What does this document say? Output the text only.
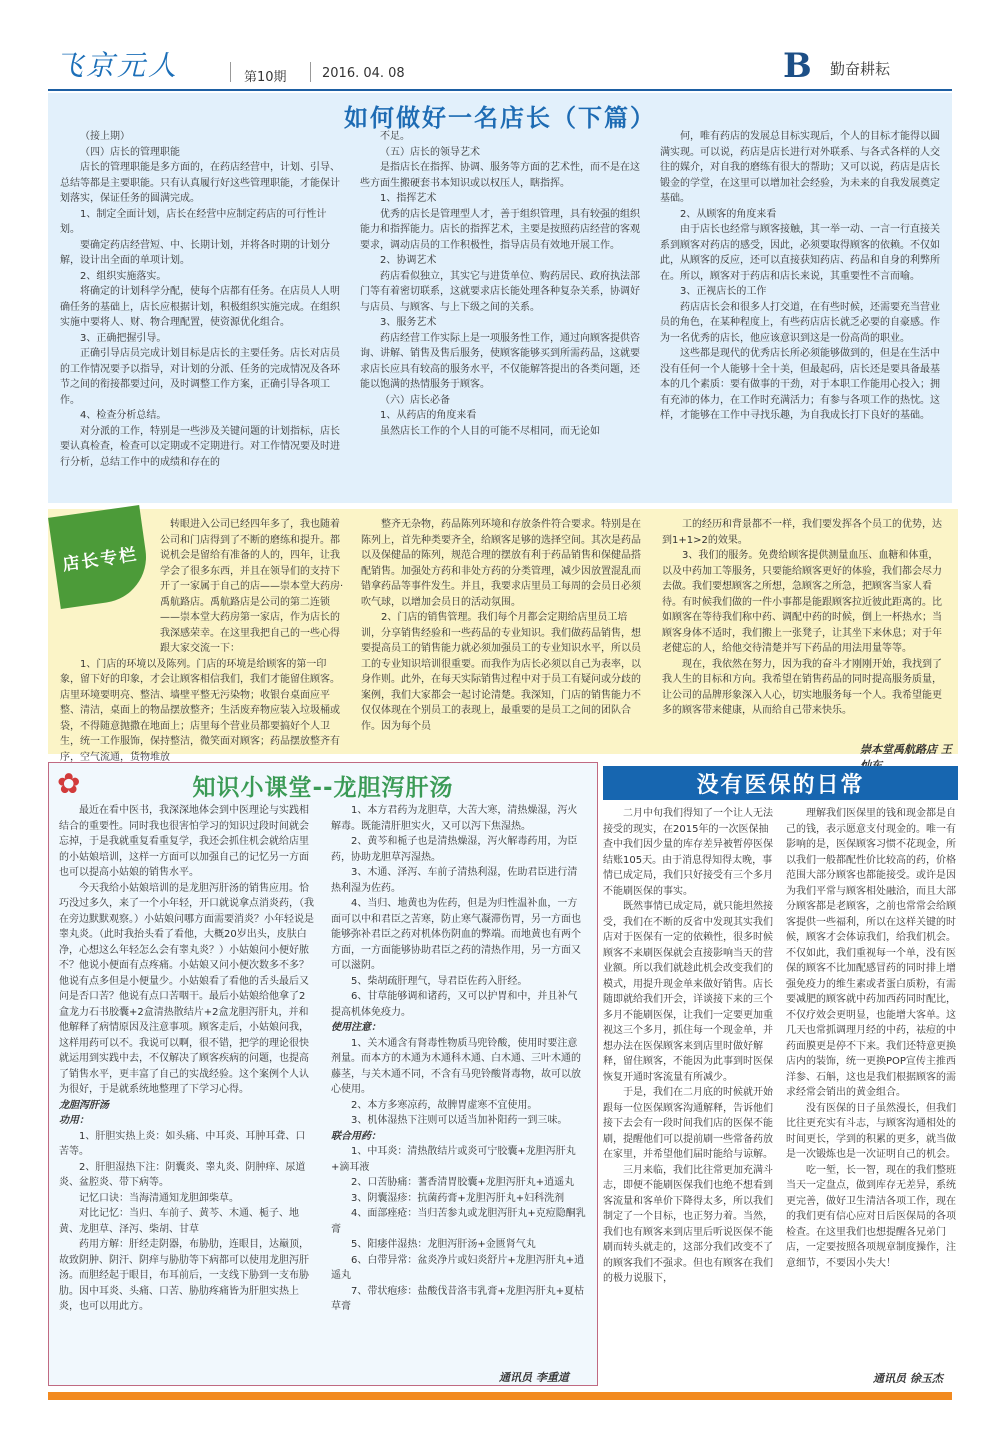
飞京元人	第10期	2016. 04. 08	B 勤奋耕耘
如何做好一名店长（下篇）

（接上期）

（四）店长的管理职能

店长的管理职能是多方面的，在药店经营中，计划、引导、总结等都是主要职能。只有认真履行好这些管理职能，才能保计划落实，保证任务的圆满完成。

1、制定全面计划，店长在经营中应制定药店的可行性计划。

要确定药店经营短、中、长期计划，并将各时期的计划分解，设计出全面的单项计划。

2、组织实施落实。

将确定的计划科学分配，使每个店都有任务。在店员人人明确任务的基础上，店长应根据计划，积极组织实施完成。在组织实施中要将人、财、物合理配置，使资源优化组合。

3、正确把握引导。

正确引导店员完成计划目标是店长的主要任务。店长对店员的工作情况要予以指导，对计划的分派、任务的完成情况及各环节之间的衔接都要过问，及时调整工作方案，正确引导各项工作。

4、检查分析总结。

对分派的工作，特别是一些涉及关键问题的计划指标，店长要认真检查，检查可以定期或不定期进行。对工作情况要及时进行分析，总结工作中的成绩和存在的

不足。

（五）店长的领导艺术

是指店长在指挥、协调、服务等方面的艺术性，而不是在这些方面生搬硬套书本知识或以权压人，瞎指挥。

1、指挥艺术

优秀的店长是管理型人才，善于组织管理，具有较强的组织能力和指挥能力。店长的指挥艺术，主要是按照药店经营的客观要求，调动店员的工作积极性，指导店员有效地开展工作。

2、协调艺术

药店看似独立，其实它与进货单位、购药居民、政府执法部门等有着密切联系，这就要求店长能处理各种复杂关系，协调好与店员、与顾客、与上下级之间的关系。

3、服务艺术

药店经营工作实际上是一项服务性工作，通过向顾客提供咨询、讲解、销售及售后服务，使顾客能够买到所需药品，这就要求店长应具有较高的服务水平，不仅能解答提出的各类问题，还能以饱满的热情服务于顾客。

（六）店长必备

1、从药店的角度来看

虽然店长工作的个人目的可能不尽相同，而无论如

何，唯有药店的发展总目标实现后，个人的目标才能得以圆满实现。可以说，药店是店长进行对外联系、与各式各样的人交往的媒介，对自我的磨练有很大的帮助；又可以说，药店是店长锻金的学堂，在这里可以增加社会经验，为未来的自我发展奠定基础。

2、从顾客的角度来看

由于店长也经常与顾客接触，其一举一动、一言一行直接关系到顾客对药店的感受，因此，必须要取得顾客的依赖。不仅如此，从顾客的反应，还可以直接获知药店、药品和自身的利弊所在。所以，顾客对于药店和店长来说，其重要性不言而喻。

3、正视店长的工作

药店店长会和很多人打交道，在有些时候，还需要充当营业员的角色，在某种程度上，有些药店店长就乏必要的自豪感。作为一名优秀的店长，他应该意识到这是一份高尚的职业。

这些都是现代的优秀店长所必须能够做到的，但是在生活中没有任何一个人能够十全十美，但最起码，店长还是要具备最基本的几个素质：要有做事的干劲，对于本职工作能用心投入；拥有充沛的体力，在工作时充满活力；有参与各项工作的热忱。这样，才能够在工作中寻找乐趣，为自我成长打下良好的基础。

店长专栏

转眼进入公司已经四年多了，我也随着公司和门店得到了不断的磨练和提升。都说机会是留给有准备的人的，四年，让我学会了很多东西，并且在领导们的支持下开了一家属于自己的店——崇本堂大药房·禹航路店。禹航路店是公司的第二连锁——崇本堂大药房第一家店，作为店长的我深感荣幸。在这里我把自己的一些心得跟大家交流一下：

1、门店的环境以及陈列。门店的环境是给顾客的第一印象，留下好的印象，才会让顾客相信我们，我们才能留住顾客。店里环境要明亮、整洁、墙壁平整无污染物；收银台桌面应平整、清洁，桌面上的物品摆放整齐；生活废弃物应装入垃圾桶或袋，不得随意抛撒在地面上；店里每个营业员都要搞好个人卫生，统一工作服饰，保持整洁，微笑面对顾客；药品摆放整齐有序，空气流通，货物堆放

整齐无杂物，药品陈列环境和存放条件符合要求。特别是在陈列上，首先种类要齐全，给顾客足够的选择空间。其次是药品以及保健品的陈列，规范合理的摆放有利于药品销售和保健品搭配销售。加强处方药和非处方药的分类管理，减少因放置混乱而错拿药品等事件发生。并且，我要求店里员工每周的会员日必须吹气球，以增加会员日的活动氛围。

2、门店的销售管理。我们每个月都会定期给店里员工培训，分享销售经验和一些药品的专业知识。我们做药品销售，想要提高员工的销售能力就必须加强员工的专业知识水平，所以员工的专业知识培训很重要。而我作为店长必须以自己为表率，以身作则。此外，在每天实际销售过程中对于员工有疑问或分歧的案例，我们大家都会一起讨论清楚。我深知，门店的销售能力不仅仅体现在个别员工的表现上，最重要的是员工之间的团队合作。因为每个员

工的经历和背景都不一样，我们要发挥各个员工的优势，达到1+1>2的效果。

3、我们的服务。免费给顾客提供测量血压、血糖和体重，以及中药加工等服务，只要能给顾客更好的体验，我们都会尽力去做。我们要想顾客之所想，急顾客之所急，把顾客当家人看待。有时候我们做的一件小事都是能跟顾客拉近彼此距离的。比如顾客在等待我们称中药、调配中药的时候，倒上一杯热水；当顾客身体不适时，我们搬上一张凳子，让其坐下来休息；对于年老健忘的人，给他交待清楚并写下药品的用法用量等等。

现在，我依然在努力，因为我的奋斗才刚刚开始，我找到了我人生的目标和方向。我希望在销售药品的同时提高服务质量，让公司的品牌形象深入人心，切实地服务每一个人。我希望能更多的顾客带来健康，从而给自己带来快乐。

崇本堂禹航路店 王
✿	知识小课堂--龙胆泻肝汤

最近在看中医书，我深深地体会到中医理论与实践相结合的重要性。同时我也很害怕学习的知识过段时间就会忘掉，于是我就重复看重复学，我还会抓住机会就给店里的小姑娘培训，这样一方面可以加强自己的记忆另一方面也可以提高小姑娘的销售水平。

今天我给小姑娘培训的是龙胆泻肝汤的销售应用。恰巧没过多久，来了一个小年轻，开口就说拿点消炎药，（我在旁边默默观察。）小姑娘问哪方面需要消炎？小年轻说是睾丸炎。（此时我抬头看了看他，大概20岁出头，皮肤白净，心想这么年轻怎么会有睾丸炎？）小姑娘问小便好脓不？他说小便面有点疼痛。小姑娘又问小便次数多不多？他说有点多但是小便量少。小姑娘看了看他的舌头最后又问是否口苦？他说有点口苦咽干。最后小姑娘给他拿了2盒龙力石书胶囊+2盒清热散结片+2盒龙胆泻肝丸，并和他解释了病情原因及注意事项。顾客走后，小姑娘问我，这样用药可以不。我说可以啊，很不错，把学的理论很快就运用到实践中去，不仅解决了顾客疾病的问题，也提高了销售水平，更丰富了自己的实战经验。这个案例个人认为很好，于是就系统地整理了下学习心得。

龙胆泻肝汤

功用：

1、肝胆实热上炎：如头痛、中耳炎、耳肿耳聋、口苦等。

2、肝胆湿热下注：阴囊炎、睾丸炎、阴肿痒、尿道炎、盆腔炎、带下病等。

记忆口诀：当海清通知龙胆卸柴草。

对比记忆：当归、车前子、黄芩、木通、栀子、地黄、龙胆草、泽泻、柴胡、甘草

药用方解：肝经走阴器，布胁肋，连眼目，达巅顶，故致阴肿、阴汗、阴痒与胁肋等下病都可以使用龙胆泻肝汤。而胆经起于眼目，布耳前后，一支线下胁到一支布胁肋。因中耳炎、头痛、口苦、胁肋疼痛皆为肝胆实热上炎，也可以用此方。

1、本方君药为龙胆草，大苦大寒，清热燥湿，泻火解毒。既能清肝胆实火，又可以泻下焦湿热。

2、黄芩和栀子也是清热燥湿，泻火解毒药用，为臣药，协助龙胆草泻湿热。

3、木通、泽泻、车前子清热利湿，佐助君臣进行清热利湿为佐药。

4、当归、地黄也为佐药，但是为归性温补血，一方面可以中和君臣之苦寒，防止寒气凝滞伤胃，另一方面也能够弥补君臣之药对机体伤阴血的弊端。而地黄也有两个方面，一方面能够协助君臣之药的清热作用，另一方面又可以滋阴。

5、柴胡疏肝理气，导君臣佐药入肝经。

6、甘草能够调和诸药，又可以护胃和中，并且补气提高机体免疫力。

使用注意：

1、关木通含有肾毒性物质马兜铃酸，使用时要注意剂量。而本方的木通为木通科木通、白木通、三叶木通的藤茎，与关木通不同，不含有马兜铃酸肾毒物，故可以放心使用。

2、本方多寒凉药，故脾胃虚寒不宜使用。

3、机体湿热下注则可以适当加补阳药一到三味。

联合用药：

1、中耳炎：清热散结片或炎可宁胶囊+龙胆泻肝丸+滴耳液

2、口苦胁痛：蓍香清胃胶囊+龙胆泻肝丸+逍遥丸

3、阴囊湿疹：抗菌药膏+龙胆泻肝丸+妇科洗剂

4、面部痤疮：当归苦参丸或龙胆泻肝丸+克痘隐酮乳膏

5、阳痿伴湿热：龙胆泻肝汤+金匮肾气丸

6、白带异常：盆炎净片或妇炎舒片+龙胆泻肝丸+逍遥丸

7、带状疱疹：盐酸伐昔洛韦乳膏+龙胆泻肝丸+夏枯草膏

通讯员 李重道
没有医保的日常

二月中旬我们得知了一个让人无法接受的现实，在2015年的一次医保抽查中我们因少量的库存差异被暂停医保结账105天。由于消息得知得太晚，事情已成定局，我们只好接受有三个多月不能刷医保的事实。

既然事情已成定局，就只能坦然接受，我们在不断的反省中发现其实我们店对于医保有一定的依赖性，很多时候顾客不来刷医保就会直接影响当天的营业额。所以我们就趁此机会改变我们的模式，用提升现金单来做好销售。店长随即就给我们开会，详谈接下来的三个多月不能刷医保，让我们一定要更加重视这三个多月，抓住每一个现金单，并想办法在医保顾客来到店里时做好解释，留住顾客，不能因为此事到时医保恢复开通时客流量有所减少。

于是，我们在二月底的时候就开始跟每一位医保顾客沟通解释，告诉他们接下去会有一段时间我们店的医保不能刷，提醒他们可以提前刷一些常备药放在家里，并希望他们届时能给与谅解。

三月来临，我们比往常更加充满斗志，即便不能刷医保我们也绝不想看到客流量和客单价下降得太多，所以我们制定了一个目标，也正努力着。当然，我们也有顾客来到店里后听说医保不能刷而转头就走的，这部分我们改变不了的顾客我们不强求。但也有顾客在我们的极力说服下，

理解我们医保里的钱和现金都是自己的钱，表示愿意支付现金的。唯一有影响的是，医保顾客习惯不花现金，所以我们一般都配性价比较高的药，价格范围大部分顾客也都能接受。或许是因为我们平常与顾客相处融洽，而且大部分顾客都是老顾客，之前也常常会给顾客提供一些福利，所以在这样关键的时候，顾客才会体谅我们，给我们机会。不仅如此，我们重视每一个单，没有医保的顾客不比加配感冒药的同时排上增强免疫力的维生素或者蛋白质粉，有需要减肥的顾客就中药加西药同时配比，不仅疗效会更明显，也能增大客单。这几天也常抓调理月经的中药，祛痘的中药面膜更是停不下来。我们还特意更换店内的装饰，统一更换POP宣传主推西洋参、石斛，这也是我们根据顾客的需求经常会销出的黄金组合。

没有医保的日子虽然漫长，但我们比往更充实有斗志，与顾客沟通相处的时间更长，学到的积累的更多，就当做是一次锻炼也是一次证明自己的机会。

吃一堑，长一智，现在的我们整班当天一定盘点，做到库存无差异，系统更完善，做好卫生清洁各项工作，现在的我们更有信心应对日后医保局的各项检查。在这里我们也想提醒各兄弟门店，一定要按照各项规章制度操作，注意细节，不要因小失大！

通讯员 徐玉杰
